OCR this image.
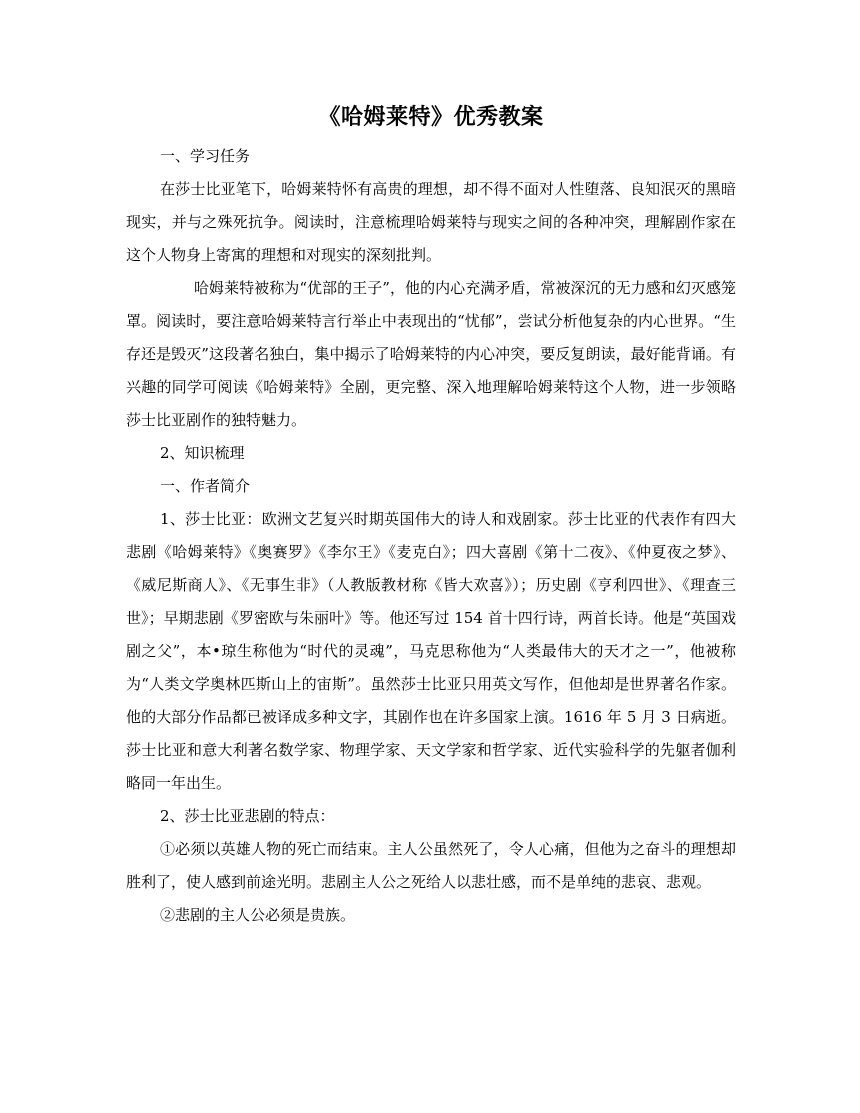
《哈姆莱特》优秀教案

一、学习任务

在莎士比亚笔下，哈姆莱特怀有高贵的理想，却不得不面对人性堕落、良知泯灭的黑暗现实，并与之殊死抗争。阅读时，注意梳理哈姆莱特与现实之间的各种冲突，理解剧作家在这个人物身上寄寓的理想和对现实的深刻批判。

哈姆莱特被称为“优部的王子”，他的内心充满矛盾，常被深沉的无力感和幻灭感笼罩。阅读时，要注意哈姆莱特言行举止中表现出的“忧郁”，尝试分析他复杂的内心世界。“生存还是毁灭”这段著名独白，集中揭示了哈姆莱特的内心冲突，要反复朗读，最好能背诵。有兴趣的同学可阅读《哈姆莱特》全剧，更完整、深入地理解哈姆莱特这个人物，进一步领略莎士比亚剧作的独特魅力。

2、知识梳理

一、作者简介

1、莎士比亚：欧洲文艺复兴时期英国伟大的诗人和戏剧家。莎士比亚的代表作有四大悲剧《哈姆莱特》《奥赛罗》《李尔王》《麦克白》；四大喜剧《第十二夜》、《仲夏夜之梦》、《威尼斯商人》、《无事生非》（人教版教材称《皆大欢喜》）；历史剧《亨利四世》、《理查三世》；早期悲剧《罗密欧与朱丽叶》等。他还写过 154 首十四行诗，两首长诗。他是“英国戏剧之父”，本•琼生称他为“时代的灵魂”，马克思称他为“人类最伟大的天才之一”，他被称为“人类文学奥林匹斯山上的宙斯”。虽然莎士比亚只用英文写作，但他却是世界著名作家。他的大部分作品都已被译成多种文字，其剧作也在许多国家上演。1616 年 5 月 3 日病逝。莎士比亚和意大利著名数学家、物理学家、天文学家和哲学家、近代实验科学的先躯者伽利略同一年出生。

2、莎士比亚悲剧的特点：

①必须以英雄人物的死亡而结束。主人公虽然死了，令人心痛，但他为之奋斗的理想却胜利了，使人感到前途光明。悲剧主人公之死给人以悲壮感，而不是单纯的悲哀、悲观。

②悲剧的主人公必须是贵族。
